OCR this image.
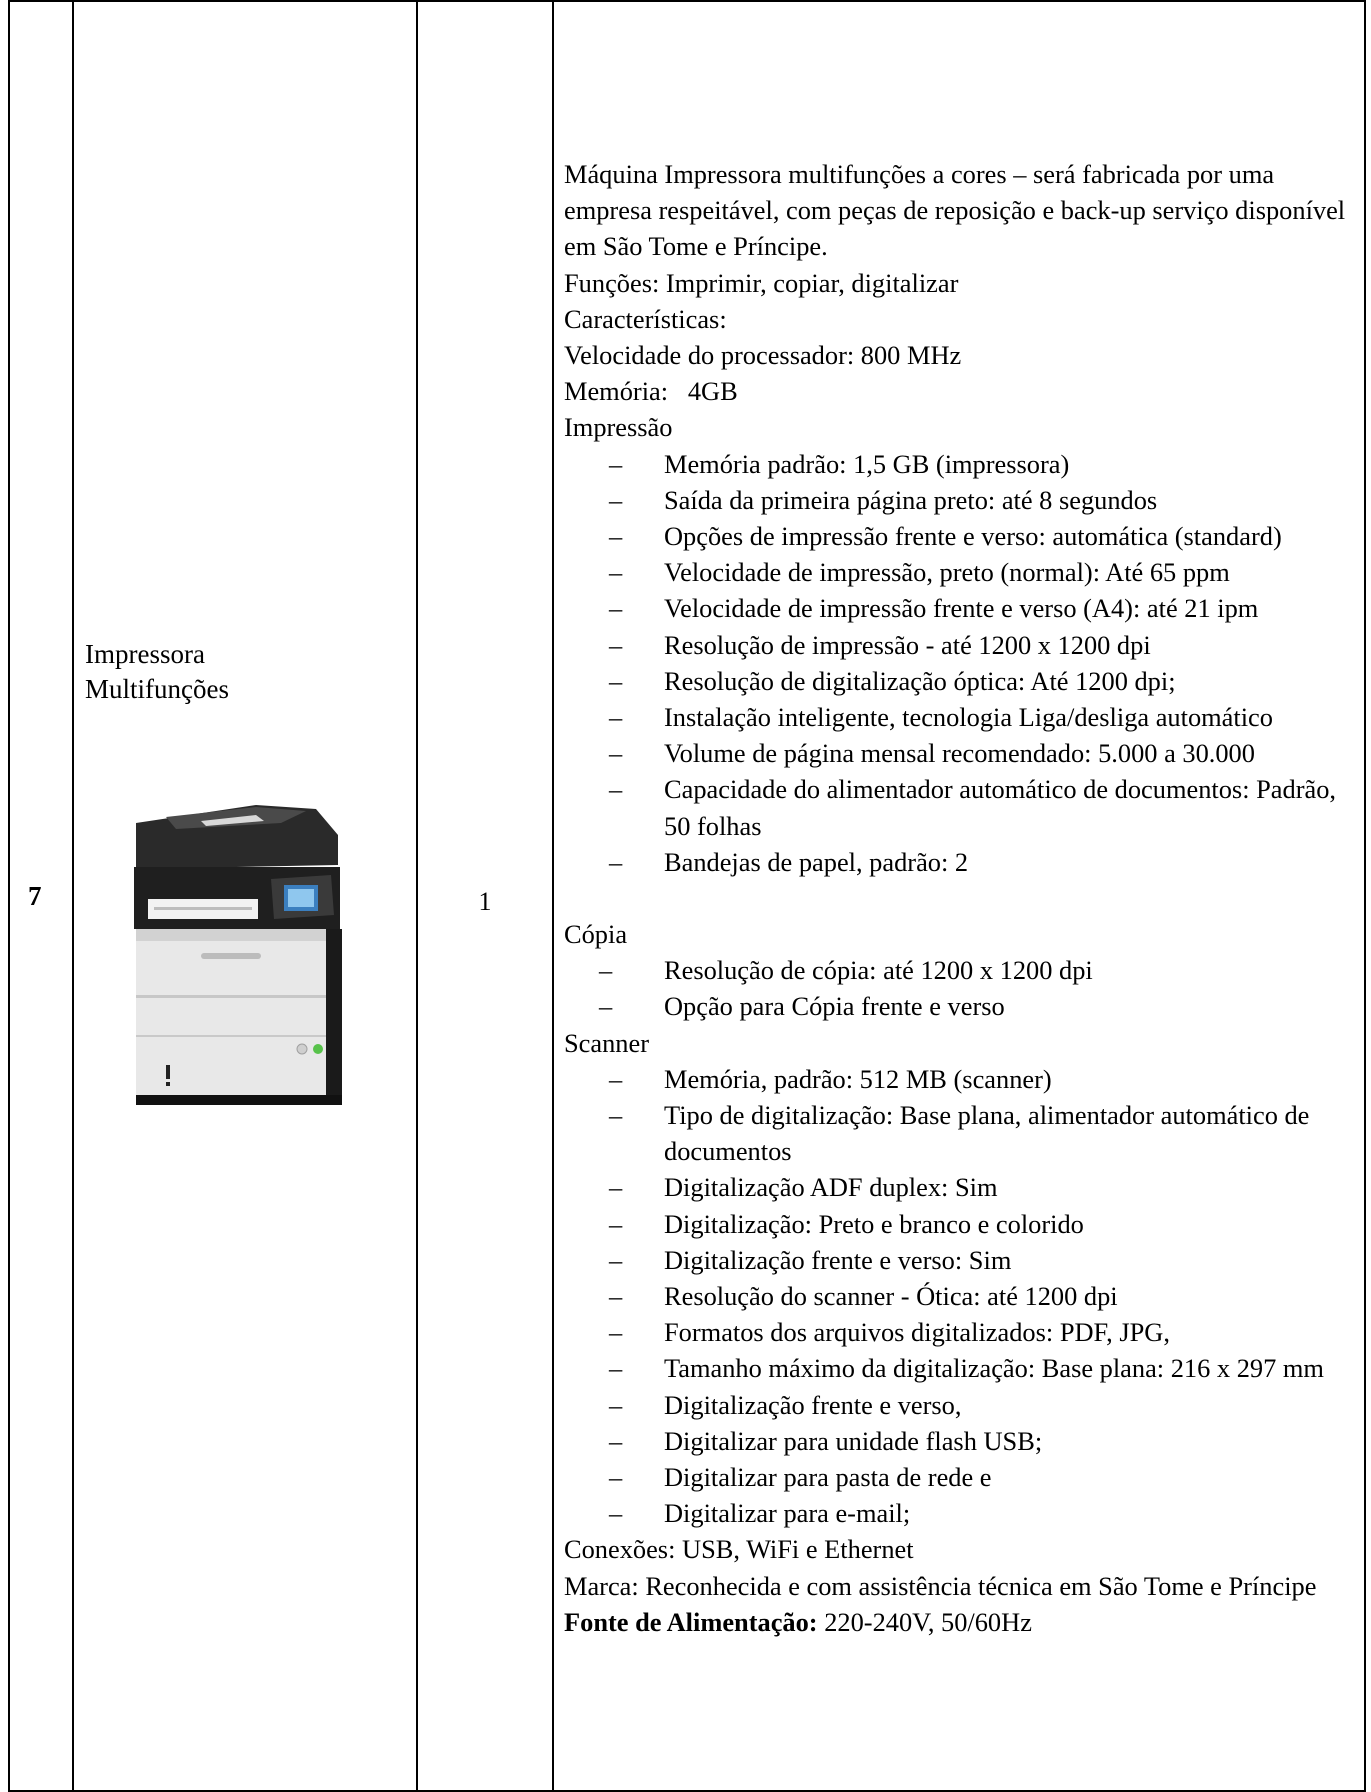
7

Impressora
Multifunções

1

Máquina Impressora multifunções a cores – será fabricada por uma empresa respeitável, com peças de reposição e back-up serviço disponível em São Tome e Príncipe.
Funções: Imprimir, copiar, digitalizar
Características:
Velocidade do processador: 800 MHz
Memória:   4GB
Impressão
– Memória padrão: 1,5 GB (impressora)
– Saída da primeira página preto: até 8 segundos
– Opções de impressão frente e verso: automática (standard)
– Velocidade de impressão, preto (normal): Até 65 ppm
– Velocidade de impressão frente e verso (A4): até 21 ipm
– Resolução de impressão - até 1200 x 1200 dpi
– Resolução de digitalização óptica: Até 1200 dpi;
– Instalação inteligente, tecnologia Liga/desliga automático
– Volume de página mensal recomendado: 5.000 a 30.000
– Capacidade do alimentador automático de documentos: Padrão, 50 folhas
– Bandejas de papel, padrão: 2
Cópia
– Resolução de cópia: até 1200 x 1200 dpi
– Opção para Cópia frente e verso
Scanner
– Memória, padrão: 512 MB (scanner)
– Tipo de digitalização: Base plana, alimentador automático de documentos
– Digitalização ADF duplex: Sim
– Digitalização: Preto e branco e colorido
– Digitalização frente e verso: Sim
– Resolução do scanner - Ótica: até 1200 dpi
– Formatos dos arquivos digitalizados: PDF, JPG,
– Tamanho máximo da digitalização: Base plana: 216 x 297 mm
– Digitalização frente e verso,
– Digitalizar para unidade flash USB;
– Digitalizar para pasta de rede e
– Digitalizar para e-mail;
Conexões: USB, WiFi e Ethernet
Marca: Reconhecida e com assistência técnica em São Tome e Príncipe
Fonte de Alimentação: 220-240V, 50/60Hz
